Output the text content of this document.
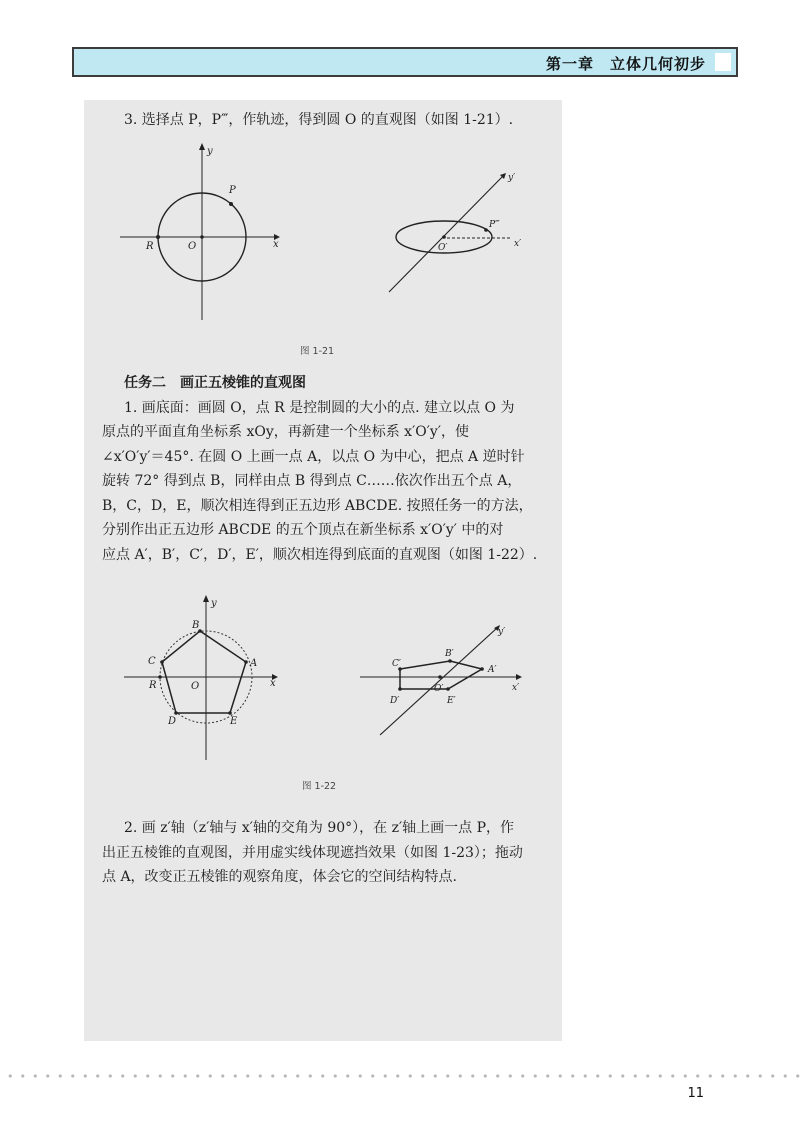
第一章　立体几何初步

3. 选择点 P，P‴，作轨迹，得到圆 O 的直观图（如图 1-21）.

y
x
O
R
P
y′
x′
O′
P‴
图 1-21

任务二　画正五棱锥的直观图

1. 画底面：画圆 O，点 R 是控制圆的大小的点. 建立以点 O 为

原点的平面直角坐标系 xOy，再新建一个坐标系 x′O′y′，使

∠x′O′y′＝45°. 在圆 O 上画一点 A，以点 O 为中心，把点 A 逆时针

旋转 72° 得到点 B，同样由点 B 得到点 C……依次作出五个点 A，

B，C，D，E，顺次相连得到正五边形 ABCDE. 按照任务一的方法，

分别作出正五边形 ABCDE 的五个顶点在新坐标系 x′O′y′ 中的对

应点 A′，B′，C′，D′，E′，顺次相连得到底面的直观图（如图 1-22）.

y
x
O
R
B
A
C
D	E
y′
x′
O′
B′
A′
C′
D′	E′
图 1-22

2. 画 z′轴（z′轴与 x′轴的交角为 90°），在 z′轴上画一点 P，作

出正五棱锥的直观图，并用虚实线体现遮挡效果（如图 1-23）；拖动

点 A，改变正五棱锥的观察角度，体会它的空间结构特点.

11
